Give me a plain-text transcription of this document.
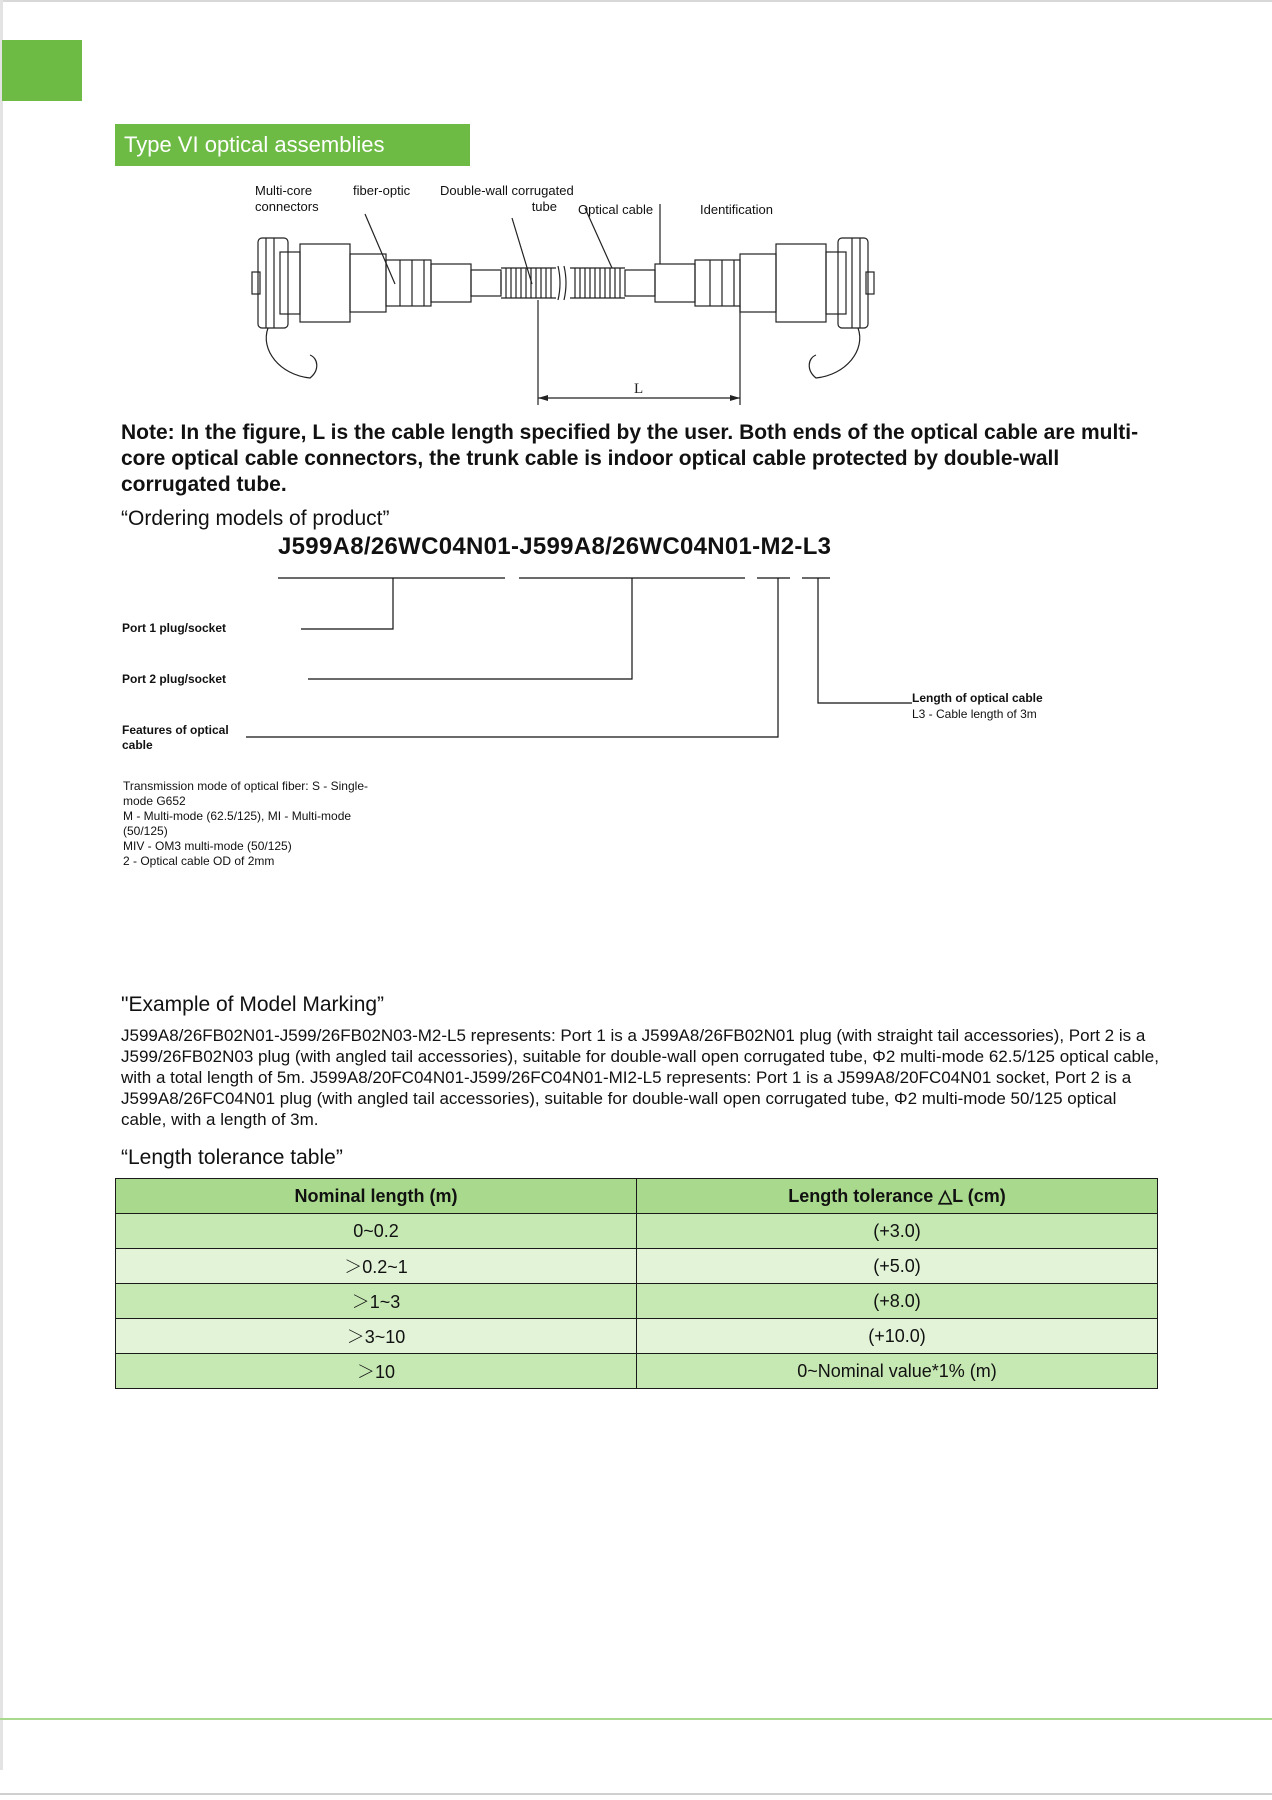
Type VI optical assemblies
Multi-core	fiber-optic
connectors
Double-wall corrugated
tube Optical cable	Identification
L
Note: In the figure, L is the cable length specified by the user. Both ends of the optical cable are multi-core optical cable connectors, the trunk cable is indoor optical cable protected by double-wall corrugated tube.
“Ordering models of product”
J599A8/26WC04N01-J599A8/26WC04N01-M2-L3
Port 1 plug/socket
Port 2 plug/socket
Features of optical cable
Length of optical cable
L3 - Cable length of 3m
Transmission mode of optical fiber: S - Single-
mode G652
M - Multi-mode (62.5/125), MI - Multi-mode
(50/125)
MIV - OM3 multi-mode (50/125)
2 - Optical cable OD of 2mm
"Example of Model Marking”
J599A8/26FB02N01-J599/26FB02N03-M2-L5 represents: Port 1 is a J599A8/26FB02N01 plug (with straight tail accessories), Port 2 is a J599/26FB02N03 plug (with angled tail accessories), suitable for double-wall open corrugated tube, Φ2 multi-mode 62.5/125 optical cable, with a total length of 5m. J599A8/20FC04N01-J599/26FC04N01-MI2-L5 represents: Port 1 is a J599A8/20FC04N01 socket, Port 2 is a J599A8/26FC04N01 plug (with angled tail accessories), suitable for double-wall open corrugated tube, Φ2 multi-mode 50/125 optical cable, with a length of 3m.
“Length tolerance table”
Nominal length (m)	Length tolerance △L (cm)
0~0.2	(+3.0)
＞0.2~1	(+5.0)
＞1~3	(+8.0)
＞3~10	(+10.0)
＞10	0~Nominal value*1% (m)
